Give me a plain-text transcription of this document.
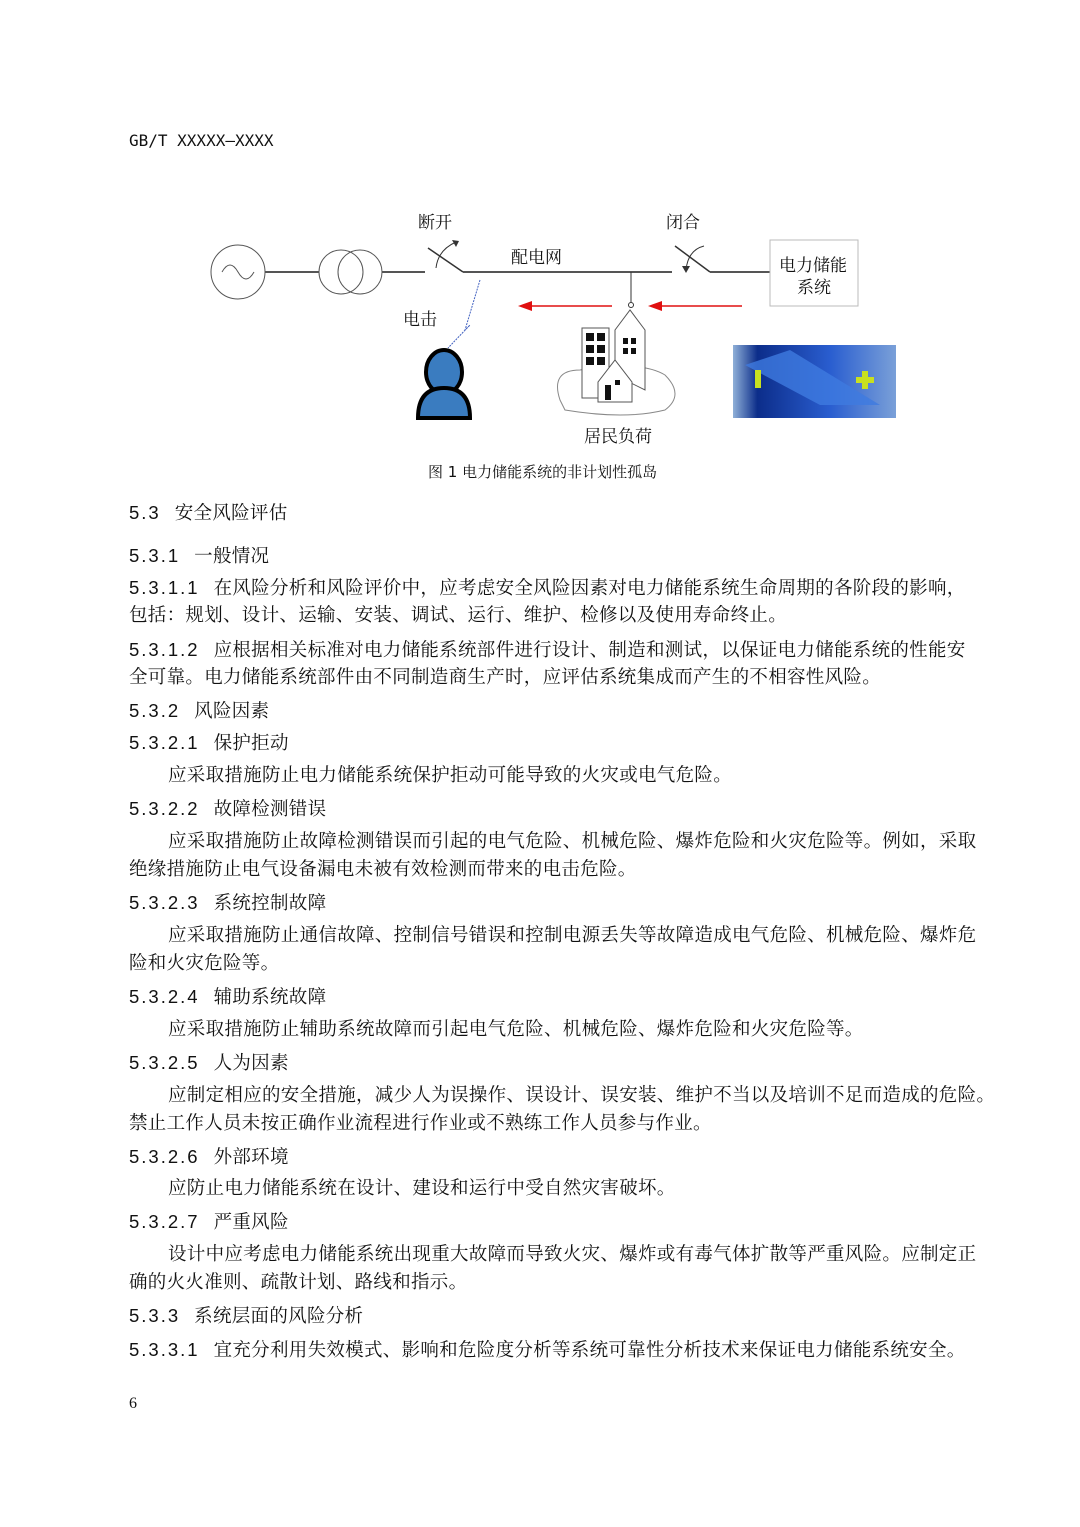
GB/T XXXXX—XXXX
断开	闭合
配电网
电击
电力储能
系统
居民负荷
图 1 电力储能系统的非计划性孤岛
5.3 安全风险评估
5.3.1 一般情况
5.3.1.1 在风险分析和风险评价中，应考虑安全风险因素对电力储能系统生命周期的各阶段的影响，
包括：规划、设计、运输、安装、调试、运行、维护、检修以及使用寿命终止。
5.3.1.2 应根据相关标准对电力储能系统部件进行设计、制造和测试，以保证电力储能系统的性能安
全可靠。电力储能系统部件由不同制造商生产时，应评估系统集成而产生的不相容性风险。
5.3.2 风险因素
5.3.2.1 保护拒动
应采取措施防止电力储能系统保护拒动可能导致的火灾或电气危险。
5.3.2.2 故障检测错误
应采取措施防止故障检测错误而引起的电气危险、机械危险、爆炸危险和火灾危险等。例如，采取
绝缘措施防止电气设备漏电未被有效检测而带来的电击危险。
5.3.2.3 系统控制故障
应采取措施防止通信故障、控制信号错误和控制电源丢失等故障造成电气危险、机械危险、爆炸危
险和火灾危险等。
5.3.2.4 辅助系统故障
应采取措施防止辅助系统故障而引起电气危险、机械危险、爆炸危险和火灾危险等。
5.3.2.5 人为因素
应制定相应的安全措施，减少人为误操作、误设计、误安装、维护不当以及培训不足而造成的危险。
禁止工作人员未按正确作业流程进行作业或不熟练工作人员参与作业。
5.3.2.6 外部环境
应防止电力储能系统在设计、建设和运行中受自然灾害破坏。
5.3.2.7 严重风险
设计中应考虑电力储能系统出现重大故障而导致火灾、爆炸或有毒气体扩散等严重风险。应制定正
确的火火准则、疏散计划、路线和指示。
5.3.3 系统层面的风险分析
5.3.3.1 宜充分利用失效模式、影响和危险度分析等系统可靠性分析技术来保证电力储能系统安全。
6
